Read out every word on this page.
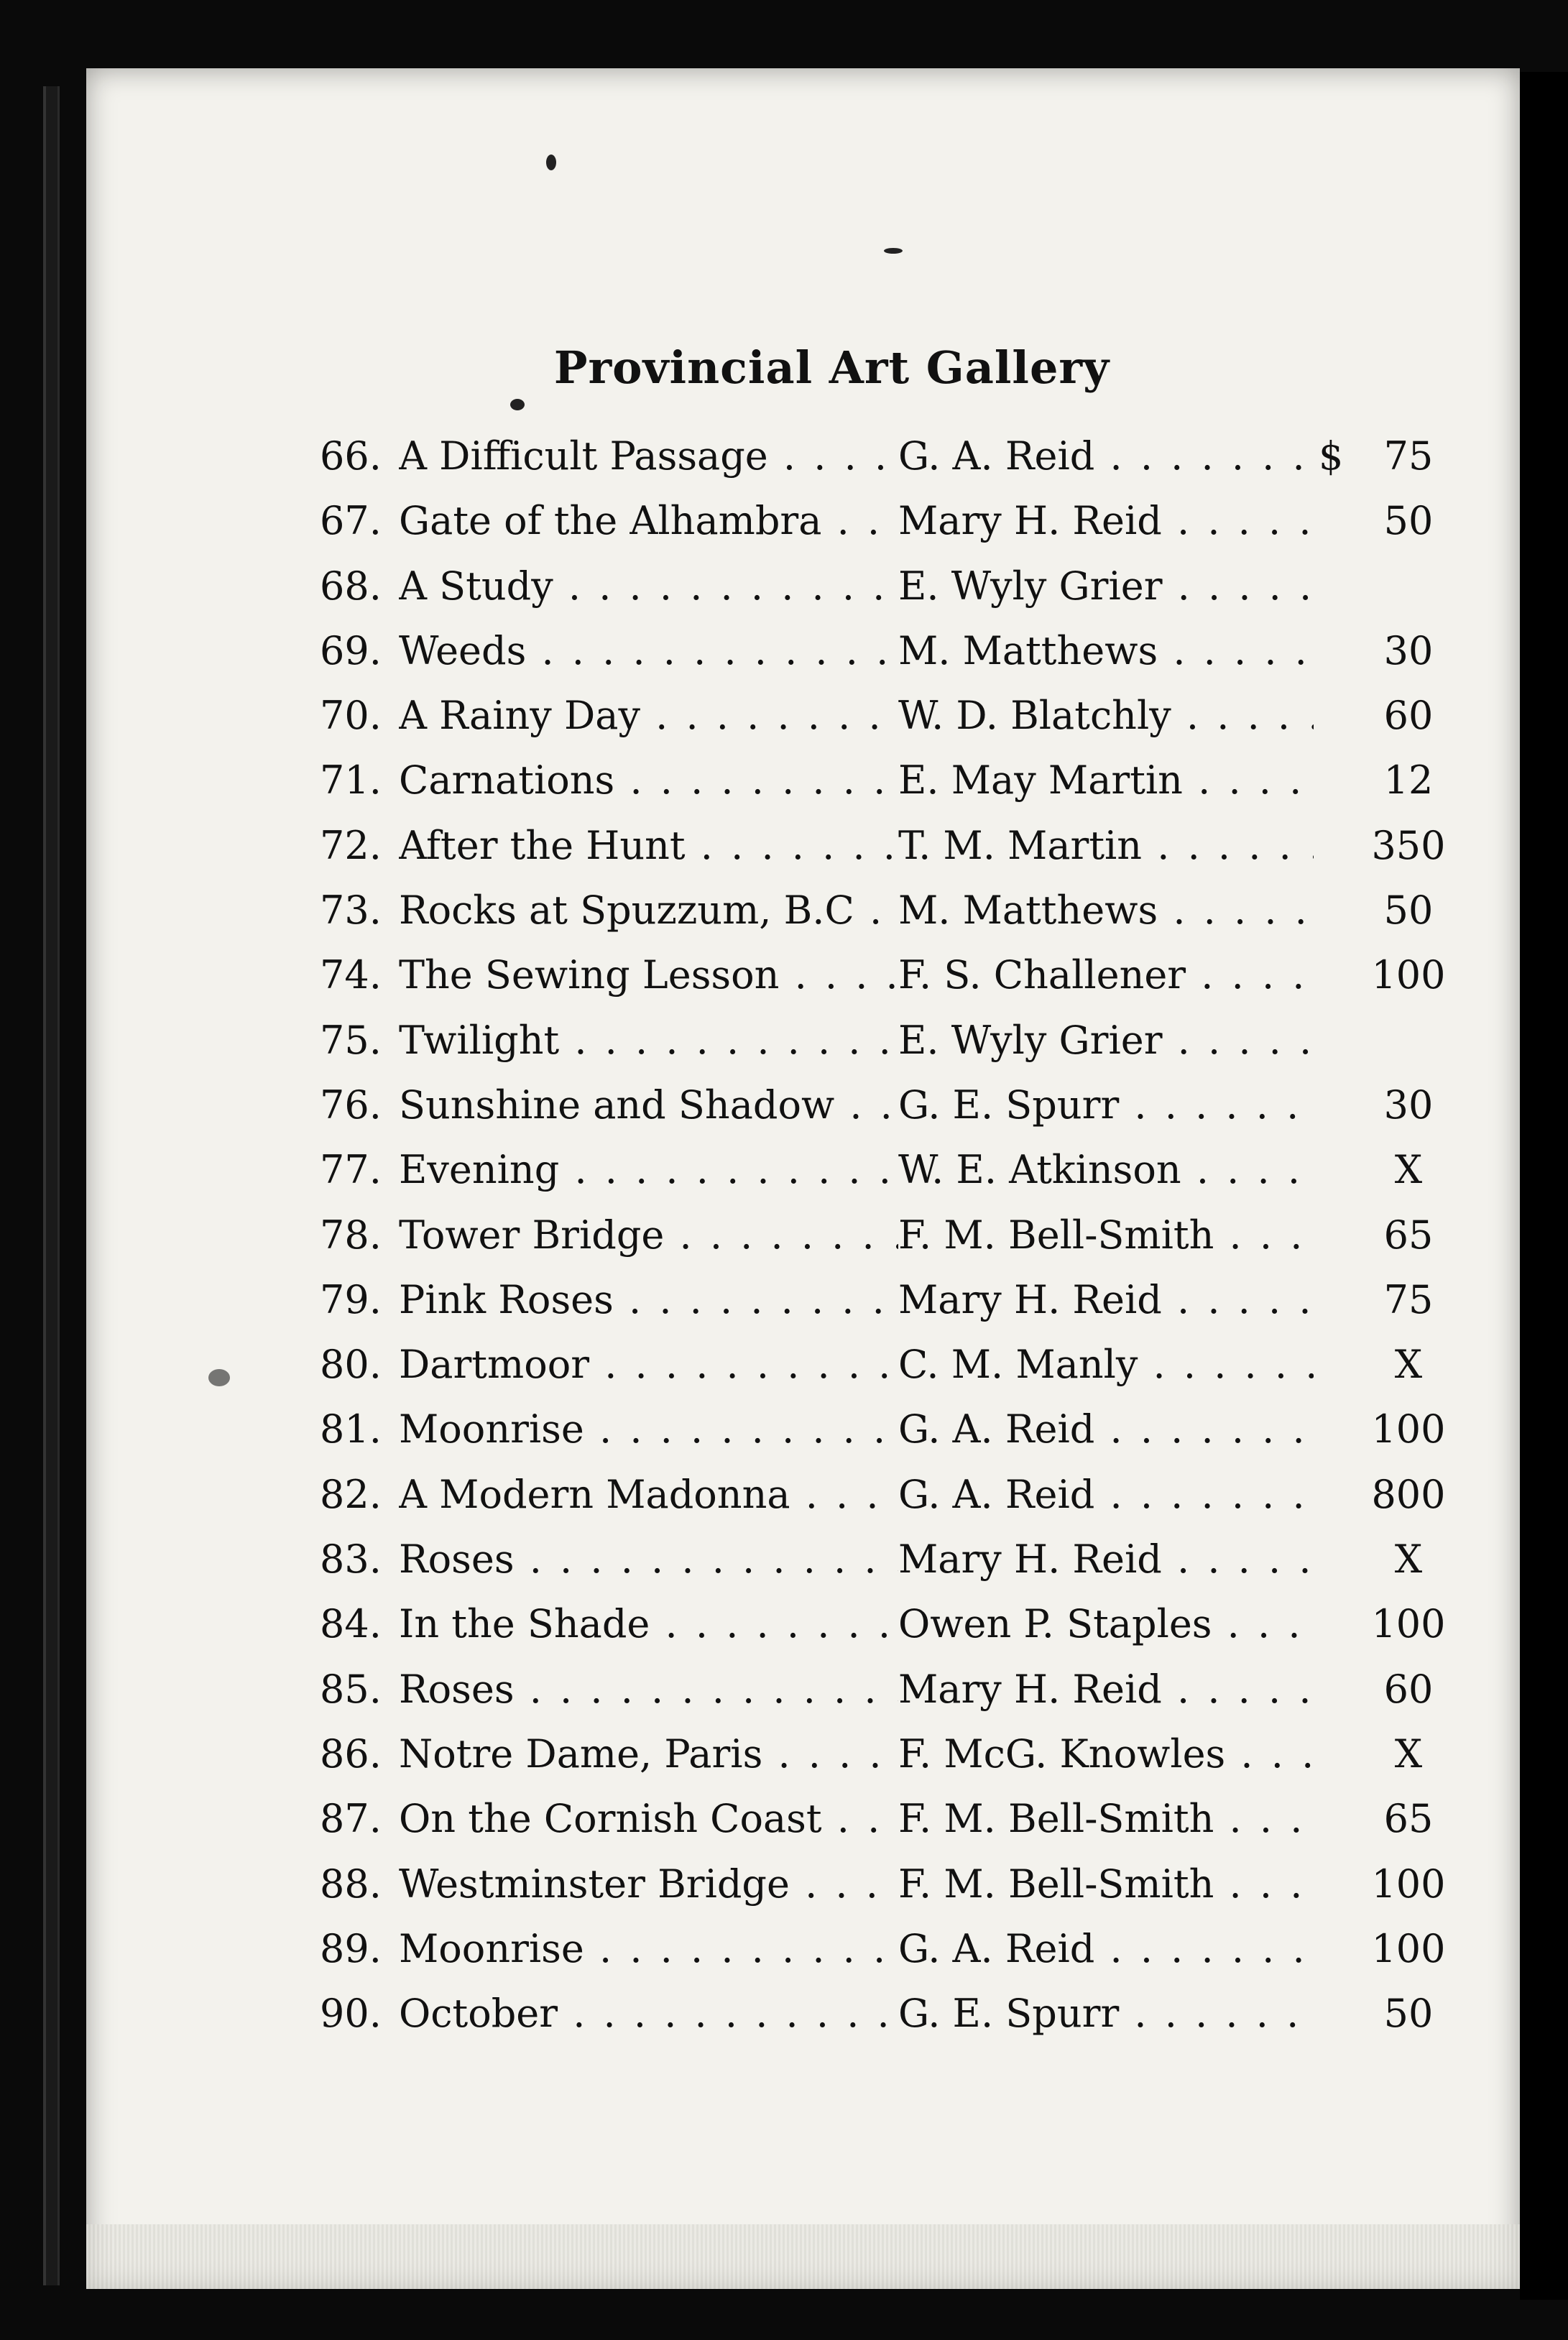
Provincial Art Gallery
66. A Difficult Passage . . .	G. A. Reid . . .	$	75
67. Gate of the Alhambra . . .	Mary H. Reid . . .	50
68. A Study . . .	E. Wyly Grier . . .
69. Weeds . . .	M. Matthews . . .	30
70. A Rainy Day . . .	W. D. Blatchly . . .	60
71. Carnations . . .	E. May Martin . . .	12
72. After the Hunt . . .	T. M. Martin . . .	350
73. Rocks at Spuzzum, B.C . . .	M. Matthews . . .	50
74. The Sewing Lesson . . .	F. S. Challener . . .	100
75. Twilight . . .	E. Wyly Grier . . .
76. Sunshine and Shadow . . .	G. E. Spurr . . .	30
77. Evening . . .	W. E. Atkinson . . .	X
78. Tower Bridge . . .	F. M. Bell-Smith . . .	65
79. Pink Roses . . .	Mary H. Reid . . .	75
80. Dartmoor . . .	C. M. Manly . . .	X
81. Moonrise . . .	G. A. Reid . . .	100
82. A Modern Madonna . . .	G. A. Reid . . .	800
83. Roses . . .	Mary H. Reid . . .	X
84. In the Shade . . .	Owen P. Staples . . .	100
85. Roses . . .	Mary H. Reid . . .	60
86. Notre Dame, Paris . . .	F. McG. Knowles . . .	X
87. On the Cornish Coast . . .	F. M. Bell-Smith . . .	65
88. Westminster Bridge . . .	F. M. Bell-Smith . . .	100
89. Moonrise . . .	G. A. Reid . . .	100
90. October . . .	G. E. Spurr . . .	50
